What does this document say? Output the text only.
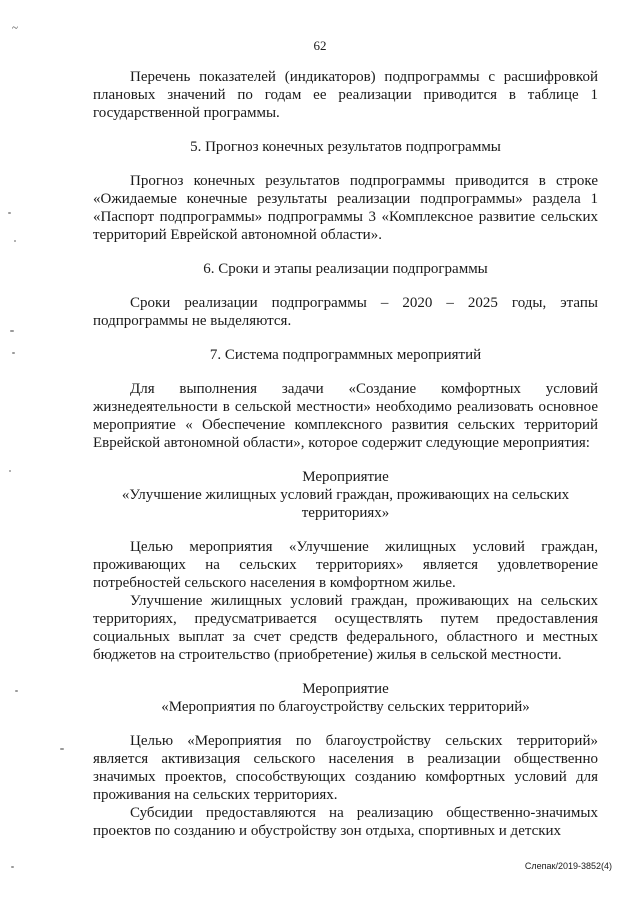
~
62

Перечень показателей (индикаторов) подпрограммы с расшифровкой плановых значений по годам ее реализации приводится в таблице 1 государственной программы.

5. Прогноз конечных результатов подпрограммы

Прогноз конечных результатов подпрограммы приводится в строке «Ожидаемые конечные результаты реализации подпрограммы» раздела 1 «Паспорт подпрограммы» подпрограммы 3 «Комплексное развитие сельских территорий Еврейской автономной области».

6. Сроки и этапы реализации подпрограммы

Сроки реализации подпрограммы – 2020 – 2025 годы, этапы подпрограммы не выделяются.

7. Система подпрограммных мероприятий

Для выполнения задачи «Создание комфортных условий жизнедеятельности в сельской местности» необходимо реализовать основное мероприятие « Обеспечение комплексного развития сельских территорий Еврейской автономной области», которое содержит следующие мероприятия:

Мероприятие

«Улучшение жилищных условий граждан, проживающих на сельских территориях»

Целью мероприятия «Улучшение жилищных условий граждан, проживающих на сельских территориях» является удовлетворение потребностей сельского населения в комфортном жилье.

Улучшение жилищных условий граждан, проживающих на сельских территориях, предусматривается осуществлять путем предоставления социальных выплат за счет средств федерального, областного и местных бюджетов на строительство (приобретение) жилья в сельской местности.

Мероприятие

«Мероприятия по благоустройству сельских территорий»

Целью «Мероприятия по благоустройству сельских территорий» является активизация сельского населения в реализации общественно значимых проектов, способствующих созданию комфортных условий для проживания на сельских территориях.

Субсидии предоставляются на реализацию общественно-значимых проектов по созданию и обустройству зон отдыха, спортивных и детских

Слепак/2019-3852(4)
